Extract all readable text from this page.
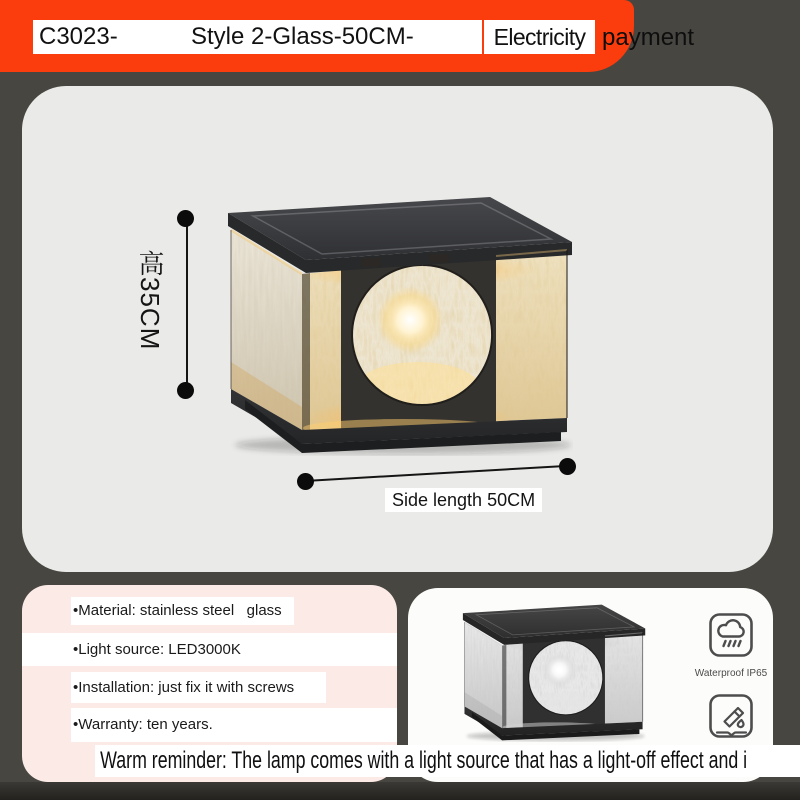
C3023-	Style 2-Glass-50CM-	Electricity payment
高35CM
Side length 50CM
•Material: stainless steel   glass
•Light source: LED3000K
•Installation: just fix it with screws
•Warranty: ten years.
Waterproof IP65
Warm reminder: The lamp comes with a light source that has a light-off effect and i
